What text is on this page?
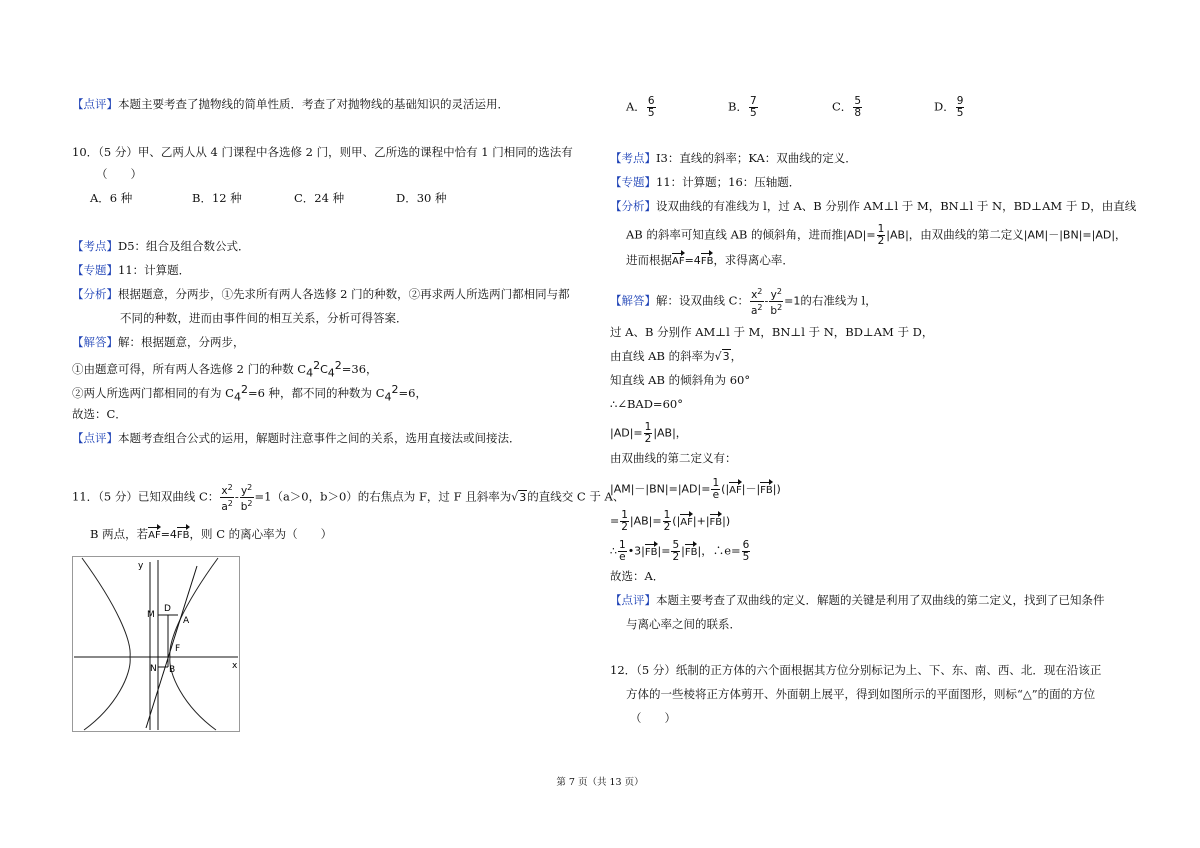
【点评】本题主要考查了抛物线的简单性质．考查了对抛物线的基础知识的灵活运用．
10．（5 分）甲、乙两人从 4 门课程中各选修 2 门，则甲、乙所选的课程中恰有 1 门相同的选法有
（　　）
A．6 种	B．12 种	C．24 种	D．30 种
【考点】D5：组合及组合数公式．
【专题】11：计算题．
【分析】根据题意，分两步，①先求所有两人各选修 2 门的种数，②再求两人所选两门都相同与都
不同的种数，进而由事件间的相互关系，分析可得答案．
【解答】解：根据题意，分两步，
①由题意可得，所有两人各选修 2 门的种数 $C_4^2C_4^2=36$，
②两人所选两门都相同的有为 $C_4^2=6$ 种，都不同的种数为 $C_4^2=6$，
故选：C．
【点评】本题考查组合公式的运用，解题时注意事件之间的关系，选用直接法或间接法．
11．（5 分）已知双曲线 C： $\frac{x^2}{a^2} - \frac{y^2}{b^2} =1(a>0$，b＞0）的右焦点为 F，过 F 且斜率为√3的直线交 C 于 A、
B 两点，若AF=4FB，则 C 的离心率为（　　）
y
x
M
D
A
F
N B
A． $\frac{6}{5}$	B． $\frac{7}{5}$	C． $\frac{5}{8}$	D． $\frac{9}{5}$
【考点】I3：直线的斜率；KA：双曲线的定义．
【专题】11：计算题；16：压轴题．
【分析】设双曲线的有准线为 l，过 A、B 分别作 AM⊥l 于 M，BN⊥l 于 N，BD⊥AM 于 D，由直线
AB 的斜率可知直线 AB 的倾斜角，进而推$|AD|= \frac{1}{2} |AB|$，由双曲线的第二定义|AM|－|BN|=|AD|，
进而根据AF=4FB，求得离心率．
【解答】解：设双曲线 C： $\frac{x^2}{a^2} - \frac{y^2}{b^2} =1$的右准线为 l，
过 A、B 分别作 AM⊥l 于 M，BN⊥l 于 N，BD⊥AM 于 D，
由直线 AB 的斜率为√3，
知直线 AB 的倾斜角为 60°
∴∠BAD=60°
$|AD|= \frac{1}{2} |AB|$，
由双曲线的第二定义有：
$|AM|-|BN|=|AD|= \frac{1}{e} (|AF|-|FB|)$
= $\frac{1}{2} |AB|= \frac{1}{2} (|AF|+|FB|)$
∴ $\frac{1}{e}$ •3|FB|= $\frac{5}{2} |FB|$，∴e= $\frac{6}{5}$
故选：A．
【点评】本题主要考查了双曲线的定义．解题的关键是利用了双曲线的第二定义，找到了已知条件
与离心率之间的联系．
12．（5 分）纸制的正方体的六个面根据其方位分别标记为上、下、东、南、西、北．现在沿该正
方体的一些棱将正方体剪开、外面朝上展平，得到如图所示的平面图形，则标“△”的面的方位
（　　）
第 7 页（共 13 页）
